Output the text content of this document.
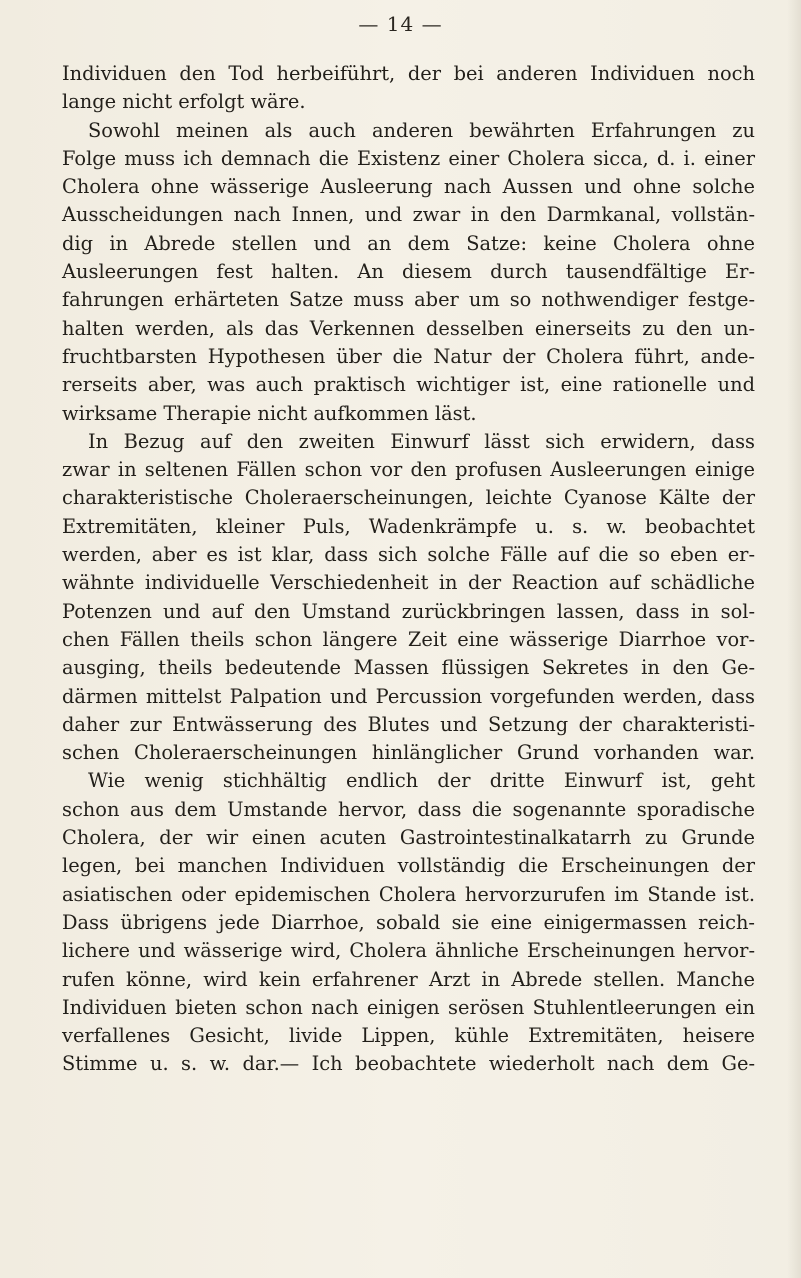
— 14 —
Individuen den Tod herbeiführt, der bei anderen Individuen noch
lange nicht erfolgt wäre.
Sowohl meinen als auch anderen bewährten Erfahrungen zu
Folge muss ich demnach die Existenz einer Cholera sicca, d. i. einer
Cholera ohne wässerige Ausleerung nach Aussen und ohne solche
Ausscheidungen nach Innen, und zwar in den Darmkanal, vollstän-
dig in Abrede stellen und an dem Satze: keine Cholera ohne
Ausleerungen fest halten. An diesem durch tausendfältige Er-
fahrungen erhärteten Satze muss aber um so nothwendiger festge-
halten werden, als das Verkennen desselben einerseits zu den un-
fruchtbarsten Hypothesen über die Natur der Cholera führt, ande-
rerseits aber, was auch praktisch wichtiger ist, eine rationelle und
wirksame Therapie nicht aufkommen läst.
In Bezug auf den zweiten Einwurf lässt sich erwidern, dass
zwar in seltenen Fällen schon vor den profusen Ausleerungen einige
charakteristische Choleraerscheinungen, leichte Cyanose Kälte der
Extremitäten, kleiner Puls, Wadenkrämpfe u. s. w. beobachtet
werden, aber es ist klar, dass sich solche Fälle auf die so eben er-
wähnte individuelle Verschiedenheit in der Reaction auf schädliche
Potenzen und auf den Umstand zurückbringen lassen, dass in sol-
chen Fällen theils schon längere Zeit eine wässerige Diarrhoe vor-
ausging, theils bedeutende Massen flüssigen Sekretes in den Ge-
därmen mittelst Palpation und Percussion vorgefunden werden, dass
daher zur Entwässerung des Blutes und Setzung der charakteristi-
schen Choleraerscheinungen hinlänglicher Grund vorhanden war.
Wie wenig stichhältig endlich der dritte Einwurf ist, geht
schon aus dem Umstande hervor, dass die sogenannte sporadische
Cholera, der wir einen acuten Gastrointestinalkatarrh zu Grunde
legen, bei manchen Individuen vollständig die Erscheinungen der
asiatischen oder epidemischen Cholera hervorzurufen im Stande ist.
Dass übrigens jede Diarrhoe, sobald sie eine einigermassen reich-
lichere und wässerige wird, Cholera ähnliche Erscheinungen hervor-
rufen könne, wird kein erfahrener Arzt in Abrede stellen. Manche
Individuen bieten schon nach einigen serösen Stuhlentleerungen ein
verfallenes Gesicht, livide Lippen, kühle Extremitäten, heisere
Stimme u. s. w. dar.— Ich beobachtete wiederholt nach dem Ge-
